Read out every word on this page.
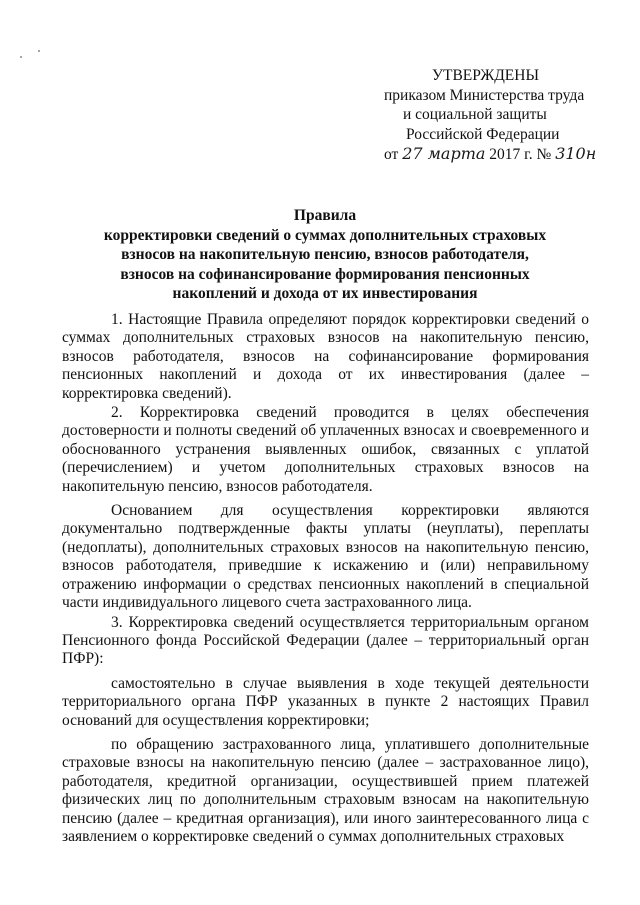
УТВЕРЖДЕНЫ
приказом Министерства труда
и социальной защиты
Российской Федерации
от 27 марта 2017 г. № 310н
Правила
корректировки сведений о суммах дополнительных страховых
взносов на накопительную пенсию, взносов работодателя,
взносов на софинансирование формирования пенсионных
накоплений и дохода от их инвестирования

1. Настоящие Правила определяют порядок корректировки сведений о суммах дополнительных страховых взносов на накопительную пенсию, взносов работодателя, взносов на софинансирование формирования пенсионных накоплений и дохода от их инвестирования (далее – корректировка сведений).

2. Корректировка сведений проводится в целях обеспечения достоверности и полноты сведений об уплаченных взносах и своевременного и обоснованного устранения выявленных ошибок, связанных с уплатой (перечислением) и учетом дополнительных страховых взносов на накопительную пенсию, взносов работодателя.

Основанием для осуществления корректировки являются документально подтвержденные факты уплаты (неуплаты), переплаты (недоплаты), дополнительных страховых взносов на накопительную пенсию, взносов работодателя, приведшие к искажению и (или) неправильному отражению информации о средствах пенсионных накоплений в специальной части индивидуального лицевого счета застрахованного лица.

3. Корректировка сведений осуществляется территориальным органом Пенсионного фонда Российской Федерации (далее – территориальный орган ПФР):

самостоятельно в случае выявления в ходе текущей деятельности территориального органа ПФР указанных в пункте 2 настоящих Правил оснований для осуществления корректировки;

по обращению застрахованного лица, уплатившего дополнительные страховые взносы на накопительную пенсию (далее – застрахованное лицо), работодателя, кредитной организации, осуществившей прием платежей физических лиц по дополнительным страховым взносам на накопительную пенсию (далее – кредитная организация), или иного заинтересованного лица с заявлением о корректировке сведений о суммах дополнительных страховых
